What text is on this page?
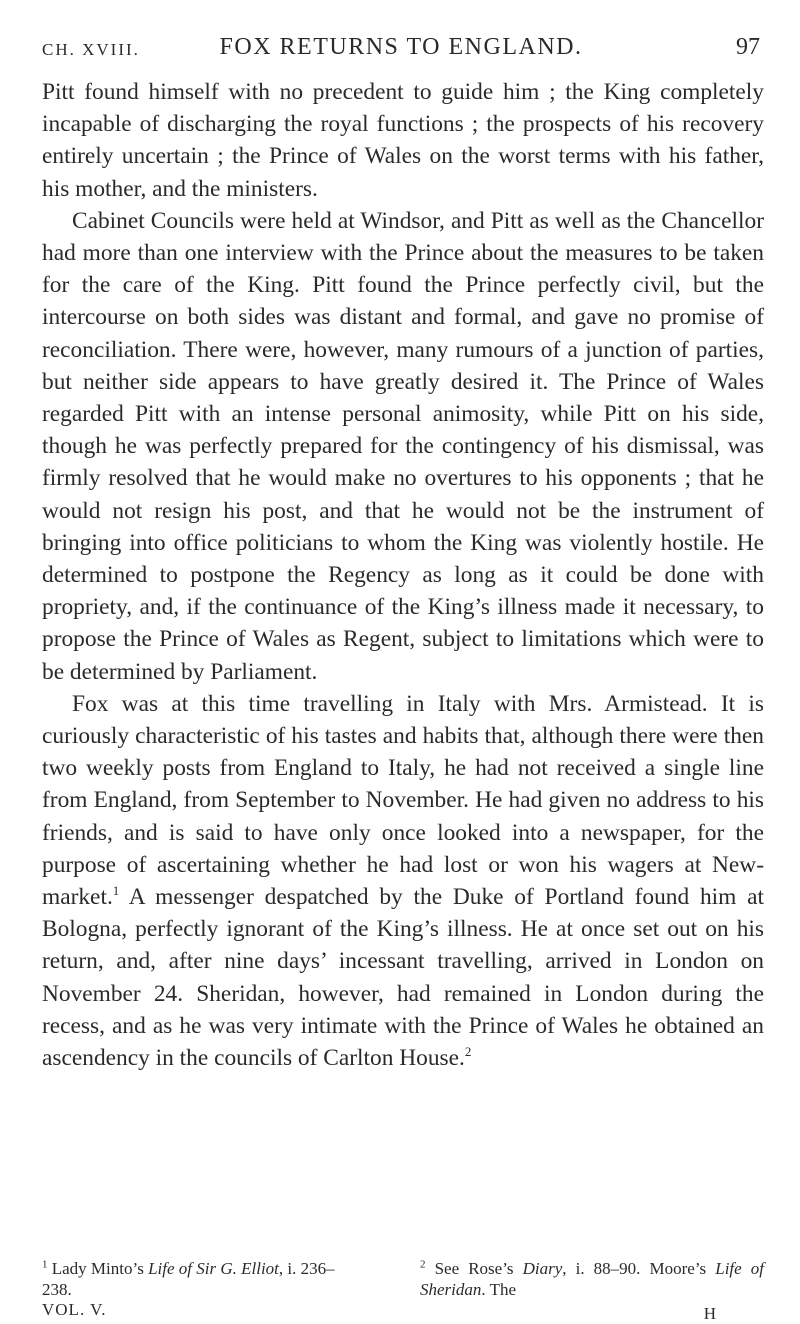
CH. XVIII.	FOX RETURNS TO ENGLAND.	97

Pitt found himself with no precedent to guide him ; the King completely incapable of discharging the royal functions ; the prospects of his recovery entirely uncertain ; the Prince of Wales on the worst terms with his father, his mother, and the ministers.

Cabinet Councils were held at Windsor, and Pitt as well as the Chancellor had more than one interview with the Prince about the measures to be taken for the care of the King. Pitt found the Prince perfectly civil, but the intercourse on both sides was distant and formal, and gave no promise of reconciliation. There were, however, many rumours of a junction of parties, but neither side appears to have greatly desired it. The Prince of Wales regarded Pitt with an intense personal animosity, while Pitt on his side, though he was perfectly prepared for the contingency of his dismissal, was firmly resolved that he would make no overtures to his opponents ; that he would not resign his post, and that he would not be the instrument of bringing into office politicians to whom the King was violently hostile. He determined to postpone the Regency as long as it could be done with propriety, and, if the continuance of the King’s illness made it necessary, to propose the Prince of Wales as Regent, subject to limitations which were to be determined by Parliament.

Fox was at this time travelling in Italy with Mrs. Armistead. It is curiously characteristic of his tastes and habits that, although there were then two weekly posts from England to Italy, he had not received a single line from England, from September to November. He had given no address to his friends, and is said to have only once looked into a newspaper, for the purpose of ascertaining whether he had lost or won his wagers at Newmarket.$^1$ A messenger despatched by the Duke of Portland found him at Bologna, perfectly ignorant of the King’s illness. He at once set out on his return, and, after nine days’ incessant travelling, arrived in London on November 24. Sheridan, however, had remained in London during the recess, and as he was very intimate with the Prince of Wales he obtained an ascendency in the councils of Carlton House.$^2$

$^1$ Lady Minto’s Life of Sir G. Elliot, i. 236–238.
$^2$ See Rose’s Diary, i. 88–90. Moore’s Life of Sheridan. The
VOL. V.	H
